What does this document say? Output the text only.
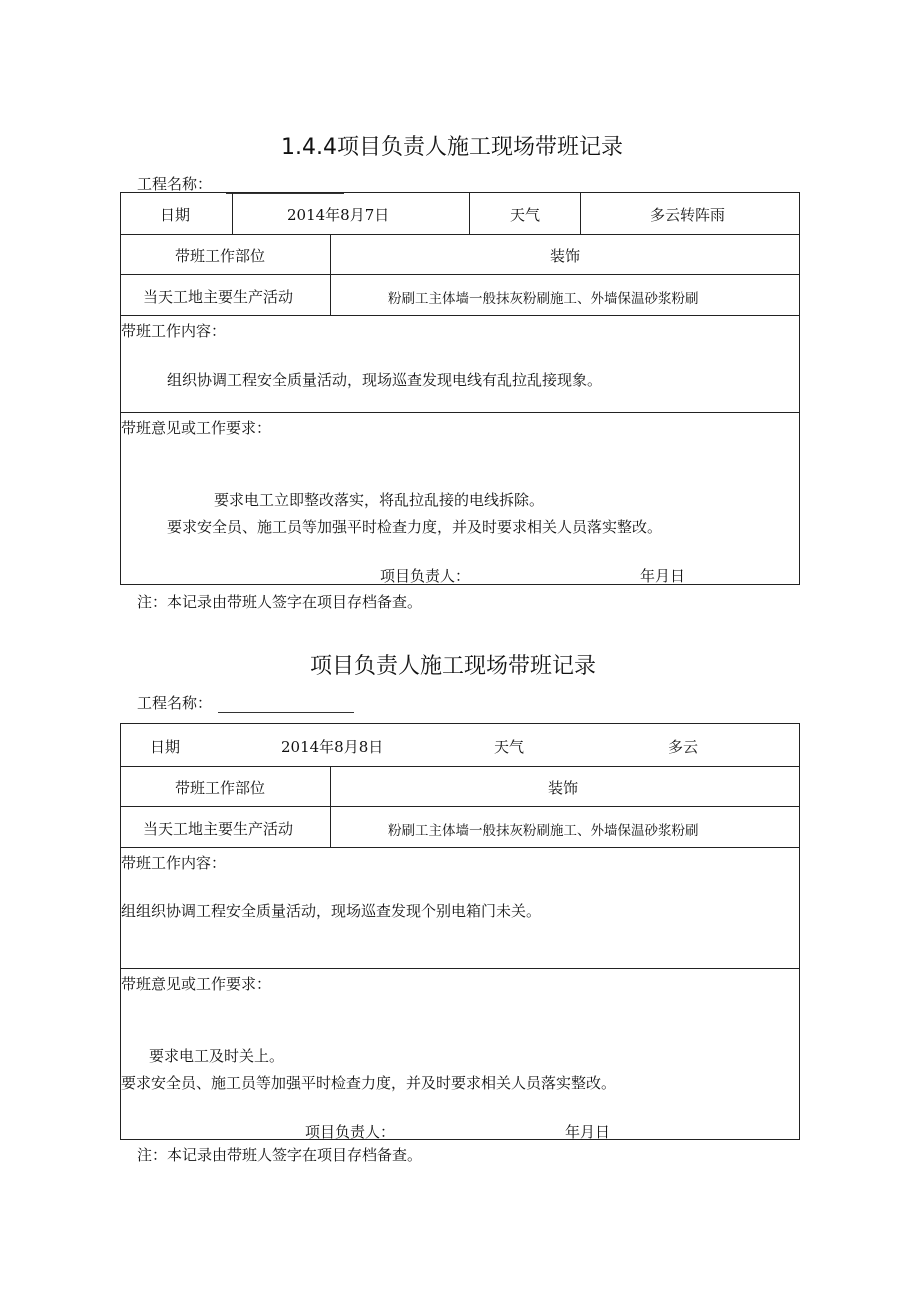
1.4.4项目负责人施工现场带班记录
工程名称：
日期	2014年8月7日	天气	多云转阵雨
带班工作部位	装饰
当天工地主要生产活动	粉刷工主体墙一般抹灰粉刷施工、外墙保温砂浆粉刷
带班工作内容：
组织协调工程安全质量活动，现场巡查发现电线有乱拉乱接现象。
带班意见或工作要求：
要求电工立即整改落实，将乱拉乱接的电线拆除。
要求安全员、施工员等加强平时检查力度，并及时要求相关人员落实整改。
项目负责人：	年月日
注：本记录由带班人签字在项目存档备查。
项目负责人施工现场带班记录
工程名称：
日期	2014年8月8日	天气	多云
带班工作部位	装饰
当天工地主要生产活动	粉刷工主体墙一般抹灰粉刷施工、外墙保温砂浆粉刷
带班工作内容：
组组织协调工程安全质量活动，现场巡查发现个别电箱门未关。
带班意见或工作要求：
要求电工及时关上。
要求安全员、施工员等加强平时检查力度，并及时要求相关人员落实整改。
项目负责人：	年月日
注：本记录由带班人签字在项目存档备查。
